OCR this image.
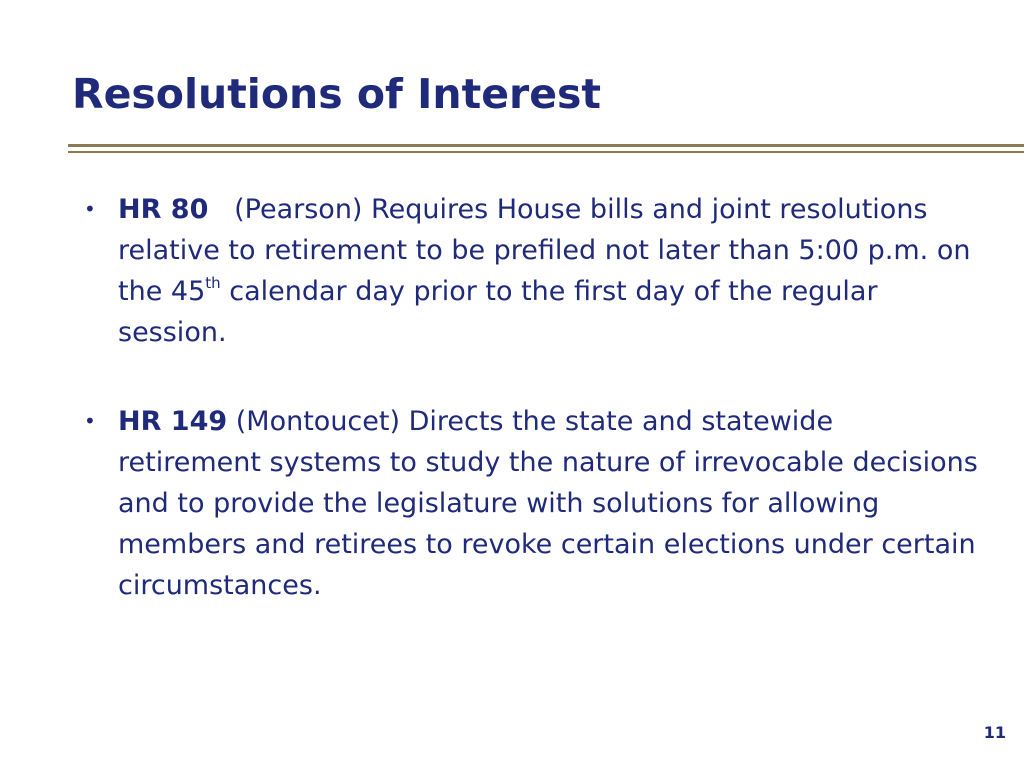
Resolutions of Interest
• HR 80 (Pearson) Requires House bills and joint resolutions relative to retirement to be prefiled not later than 5:00 p.m. on the 45th calendar day prior to the first day of the regular session.
• HR 149 (Montoucet) Directs the state and statewide retirement systems to study the nature of irrevocable decisions and to provide the legislature with solutions for allowing members and retirees to revoke certain elections under certain circumstances.
11
